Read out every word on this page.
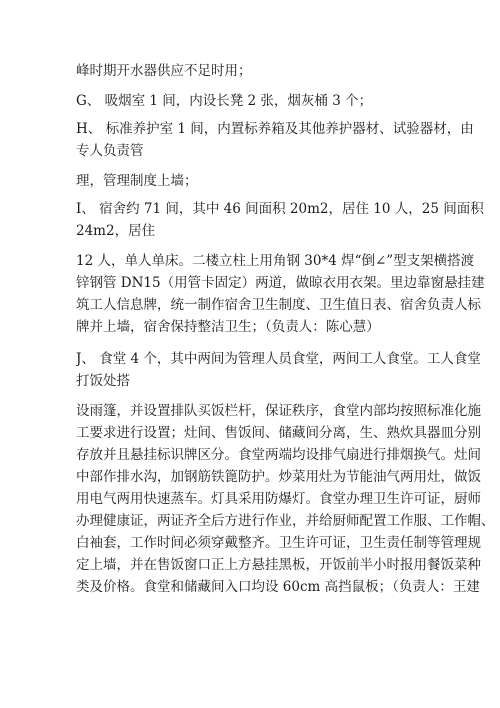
峰时期开水器供应不足时用；
G、 吸烟室 1 间，内设长凳 2 张，烟灰桶 3 个；
H、 标准养护室 1 间，内置标养箱及其他养护器材、试验器材，由
专人负责管
理，管理制度上墙；
I、 宿舍约 71 间，其中 46 间面积 20m2，居住 10 人，25 间面积
24m2，居住
12 人，单人单床。二楼立柱上用角钢 30*4 焊“倒∠”型支架横搭渡
锌钢管 DN15（用管卡固定）两道，做晾衣用衣架。里边靠窗悬挂建
筑工人信息牌，统一制作宿舍卫生制度、卫生值日表、宿舍负责人标
牌并上墙，宿舍保持整洁卫生；（负责人：陈心慧）
J、 食堂 4 个，其中两间为管理人员食堂，两间工人食堂。工人食堂
打饭处搭
设雨篷，并设置排队买饭栏杆，保证秩序，食堂内部均按照标准化施
工要求进行设置；灶间、售饭间、储藏间分离，生、熟炊具器皿分别
存放并且悬挂标识牌区分。食堂两端均设排气扇进行排烟换气。灶间
中部作排水沟，加钢筋铁篦防护。炒菜用灶为节能油气两用灶，做饭
用电气两用快速蒸车。灯具采用防爆灯。食堂办理卫生许可证，厨师
办理健康证，两证齐全后方进行作业，并给厨师配置工作服、工作帽、
白袖套，工作时间必须穿戴整齐。卫生许可证，卫生责任制等管理规
定上墙，并在售饭窗口正上方悬挂黑板，开饭前半小时报用餐饭菜种
类及价格。食堂和储藏间入口均设 60cm 高挡鼠板；（负责人：王建
